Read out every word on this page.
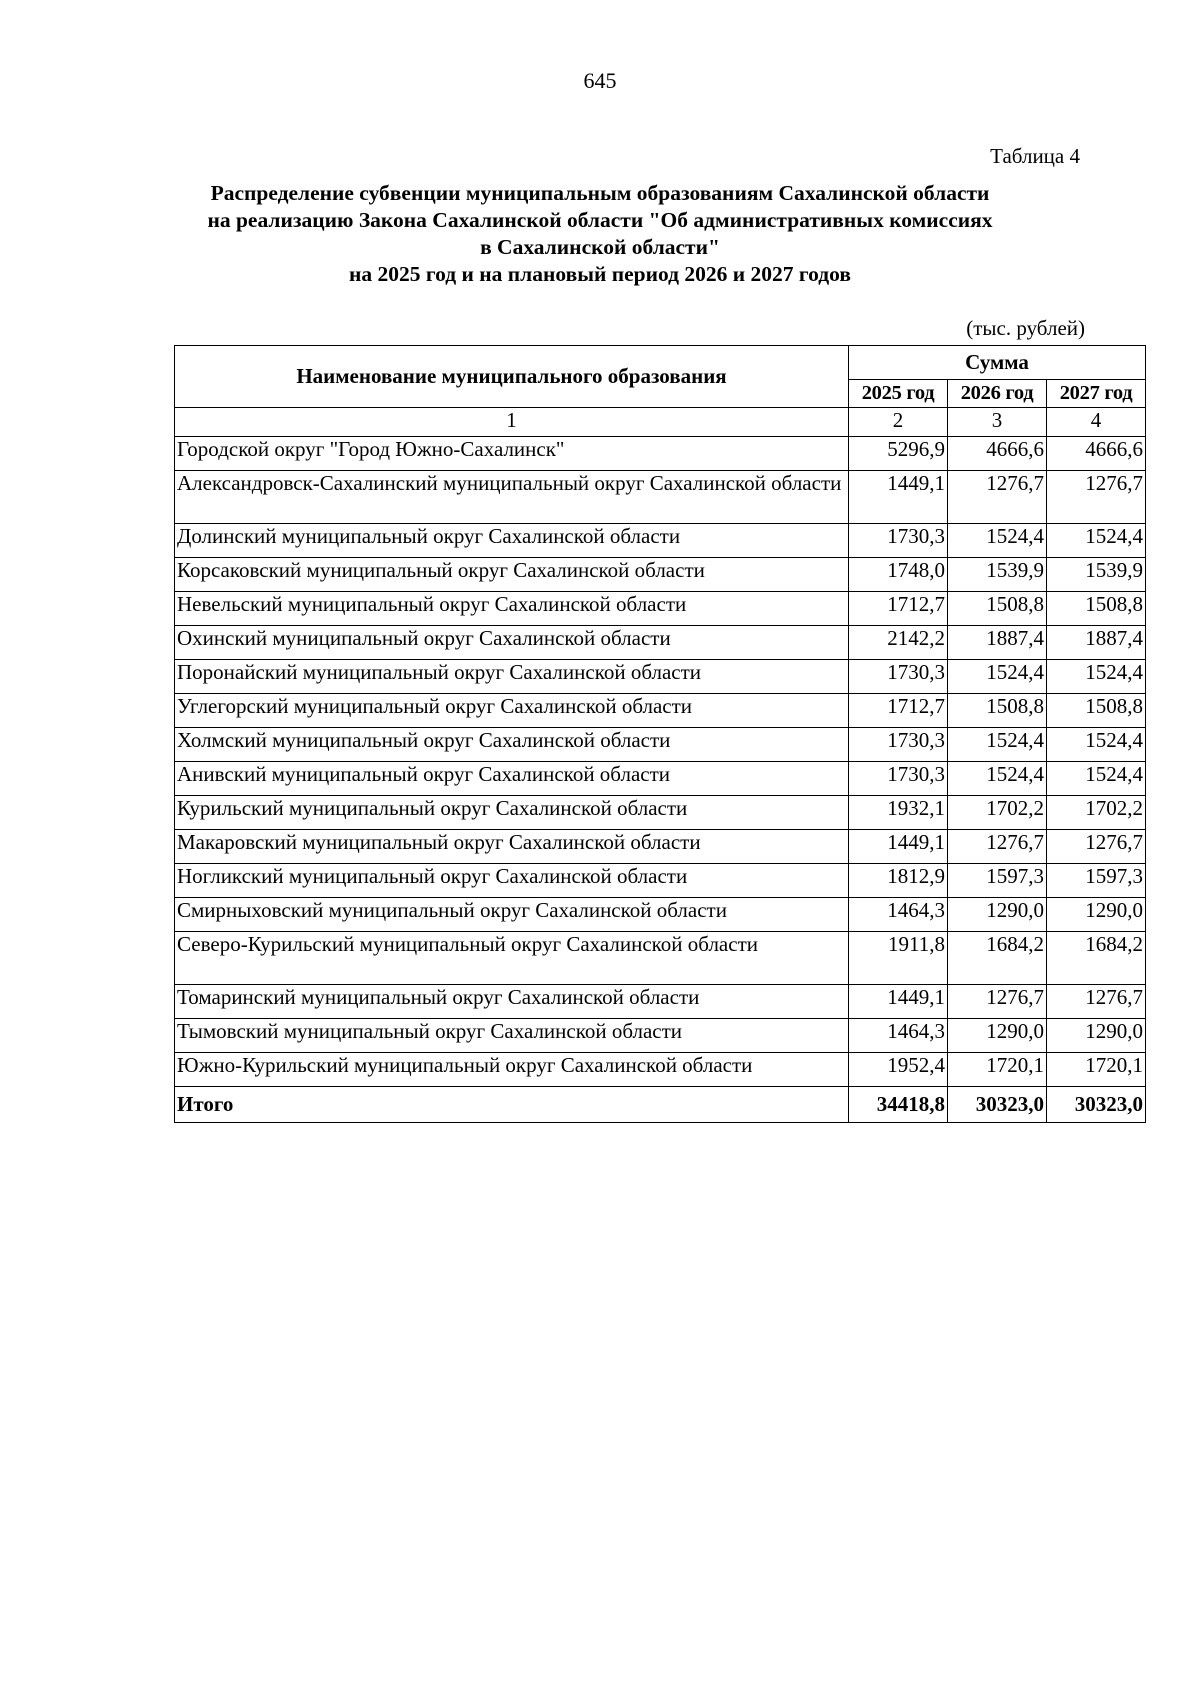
645
Таблица 4
Распределение субвенции муниципальным образованиям Сахалинской области
на реализацию Закона Сахалинской области "Об административных комиссиях
в Сахалинской области"
на 2025 год и на плановый период 2026 и 2027 годов
(тыс. рублей)
Наименование муниципального образования	Сумма		
	2025 год	2026 год	2027 год
1	2	3	4
Городской округ "Город Южно-Сахалинск"	5296,9	4666,6	4666,6
Александровск-Сахалинский муниципальный округ Сахалинской области	1449,1	1276,7	1276,7
Долинский муниципальный округ Сахалинской области	1730,3	1524,4	1524,4
Корсаковский муниципальный округ Сахалинской области	1748,0	1539,9	1539,9
Невельский муниципальный округ Сахалинской области	1712,7	1508,8	1508,8
Охинский муниципальный округ Сахалинской области	2142,2	1887,4	1887,4
Поронайский муниципальный округ Сахалинской области	1730,3	1524,4	1524,4
Углегорский муниципальный округ Сахалинской области	1712,7	1508,8	1508,8
Холмский муниципальный округ Сахалинской области	1730,3	1524,4	1524,4
Анивский муниципальный округ Сахалинской области	1730,3	1524,4	1524,4
Курильский муниципальный округ Сахалинской области	1932,1	1702,2	1702,2
Макаровский муниципальный округ Сахалинской области	1449,1	1276,7	1276,7
Ногликский муниципальный округ Сахалинской области	1812,9	1597,3	1597,3
Смирныховский муниципальный округ Сахалинской области	1464,3	1290,0	1290,0
Северо-Курильский муниципальный округ Сахалинской области	1911,8	1684,2	1684,2
Томаринский муниципальный округ Сахалинской области	1449,1	1276,7	1276,7
Тымовский муниципальный округ Сахалинской области	1464,3	1290,0	1290,0
Южно-Курильский муниципальный округ Сахалинской области	1952,4	1720,1	1720,1
Итого	34418,8	30323,0	30323,0
